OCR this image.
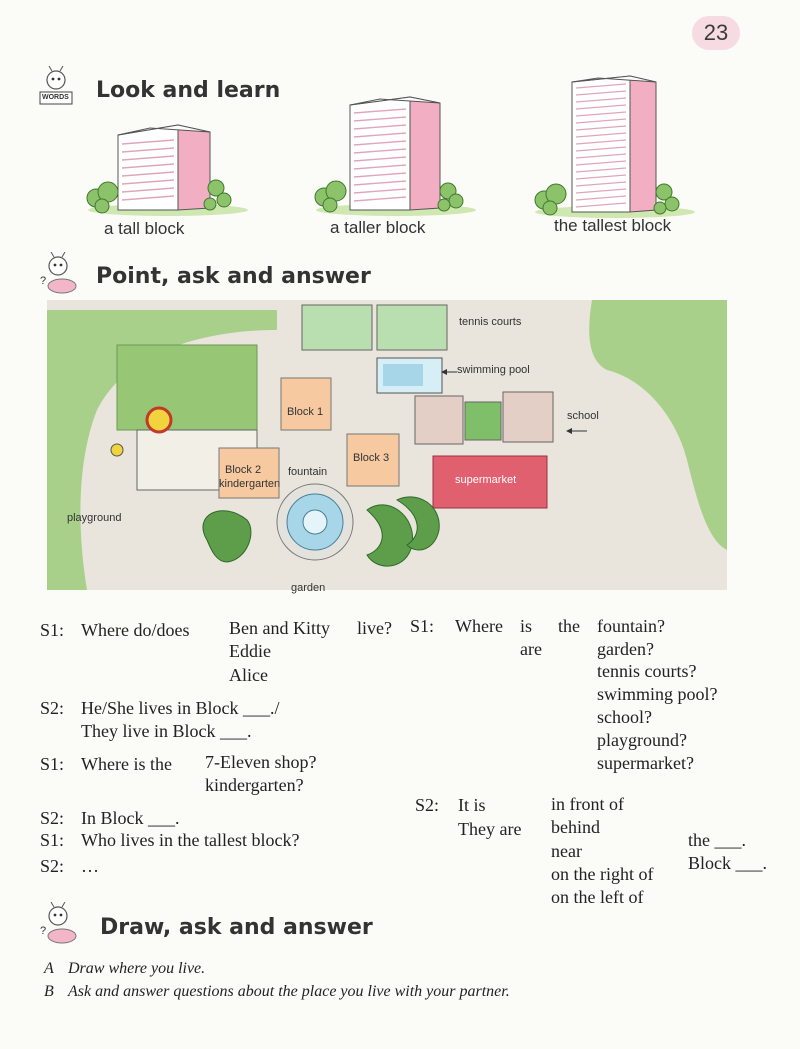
23
WORDS Look and learn
a tall block	a taller block	the tallest block
? Point, ask and answer
tennis courts
swimming pool
school
Block 1
Block 2
kindergarten
fountain
Block 3
supermarket
playground
garden
S1: Where do/does Ben and Kitty live?
Eddie
Alice
S2: He/She lives in Block ___./
They live in Block ___.
S1: Where is the 7-Eleven shop?
kindergarten?
S2: In Block ___.
S1: Who lives in the tallest block?
S2: …
S1: Where is
are
the fountain?
garden?
tennis courts?
swimming pool?
school?
playground?
supermarket?
S2: It is
They are
in front of
behind
near
on the right of
on the left of
the ___.
Block ___.
? Draw, ask and answer
A Draw where you live.
B Ask and answer questions about the place you live with your partner.
